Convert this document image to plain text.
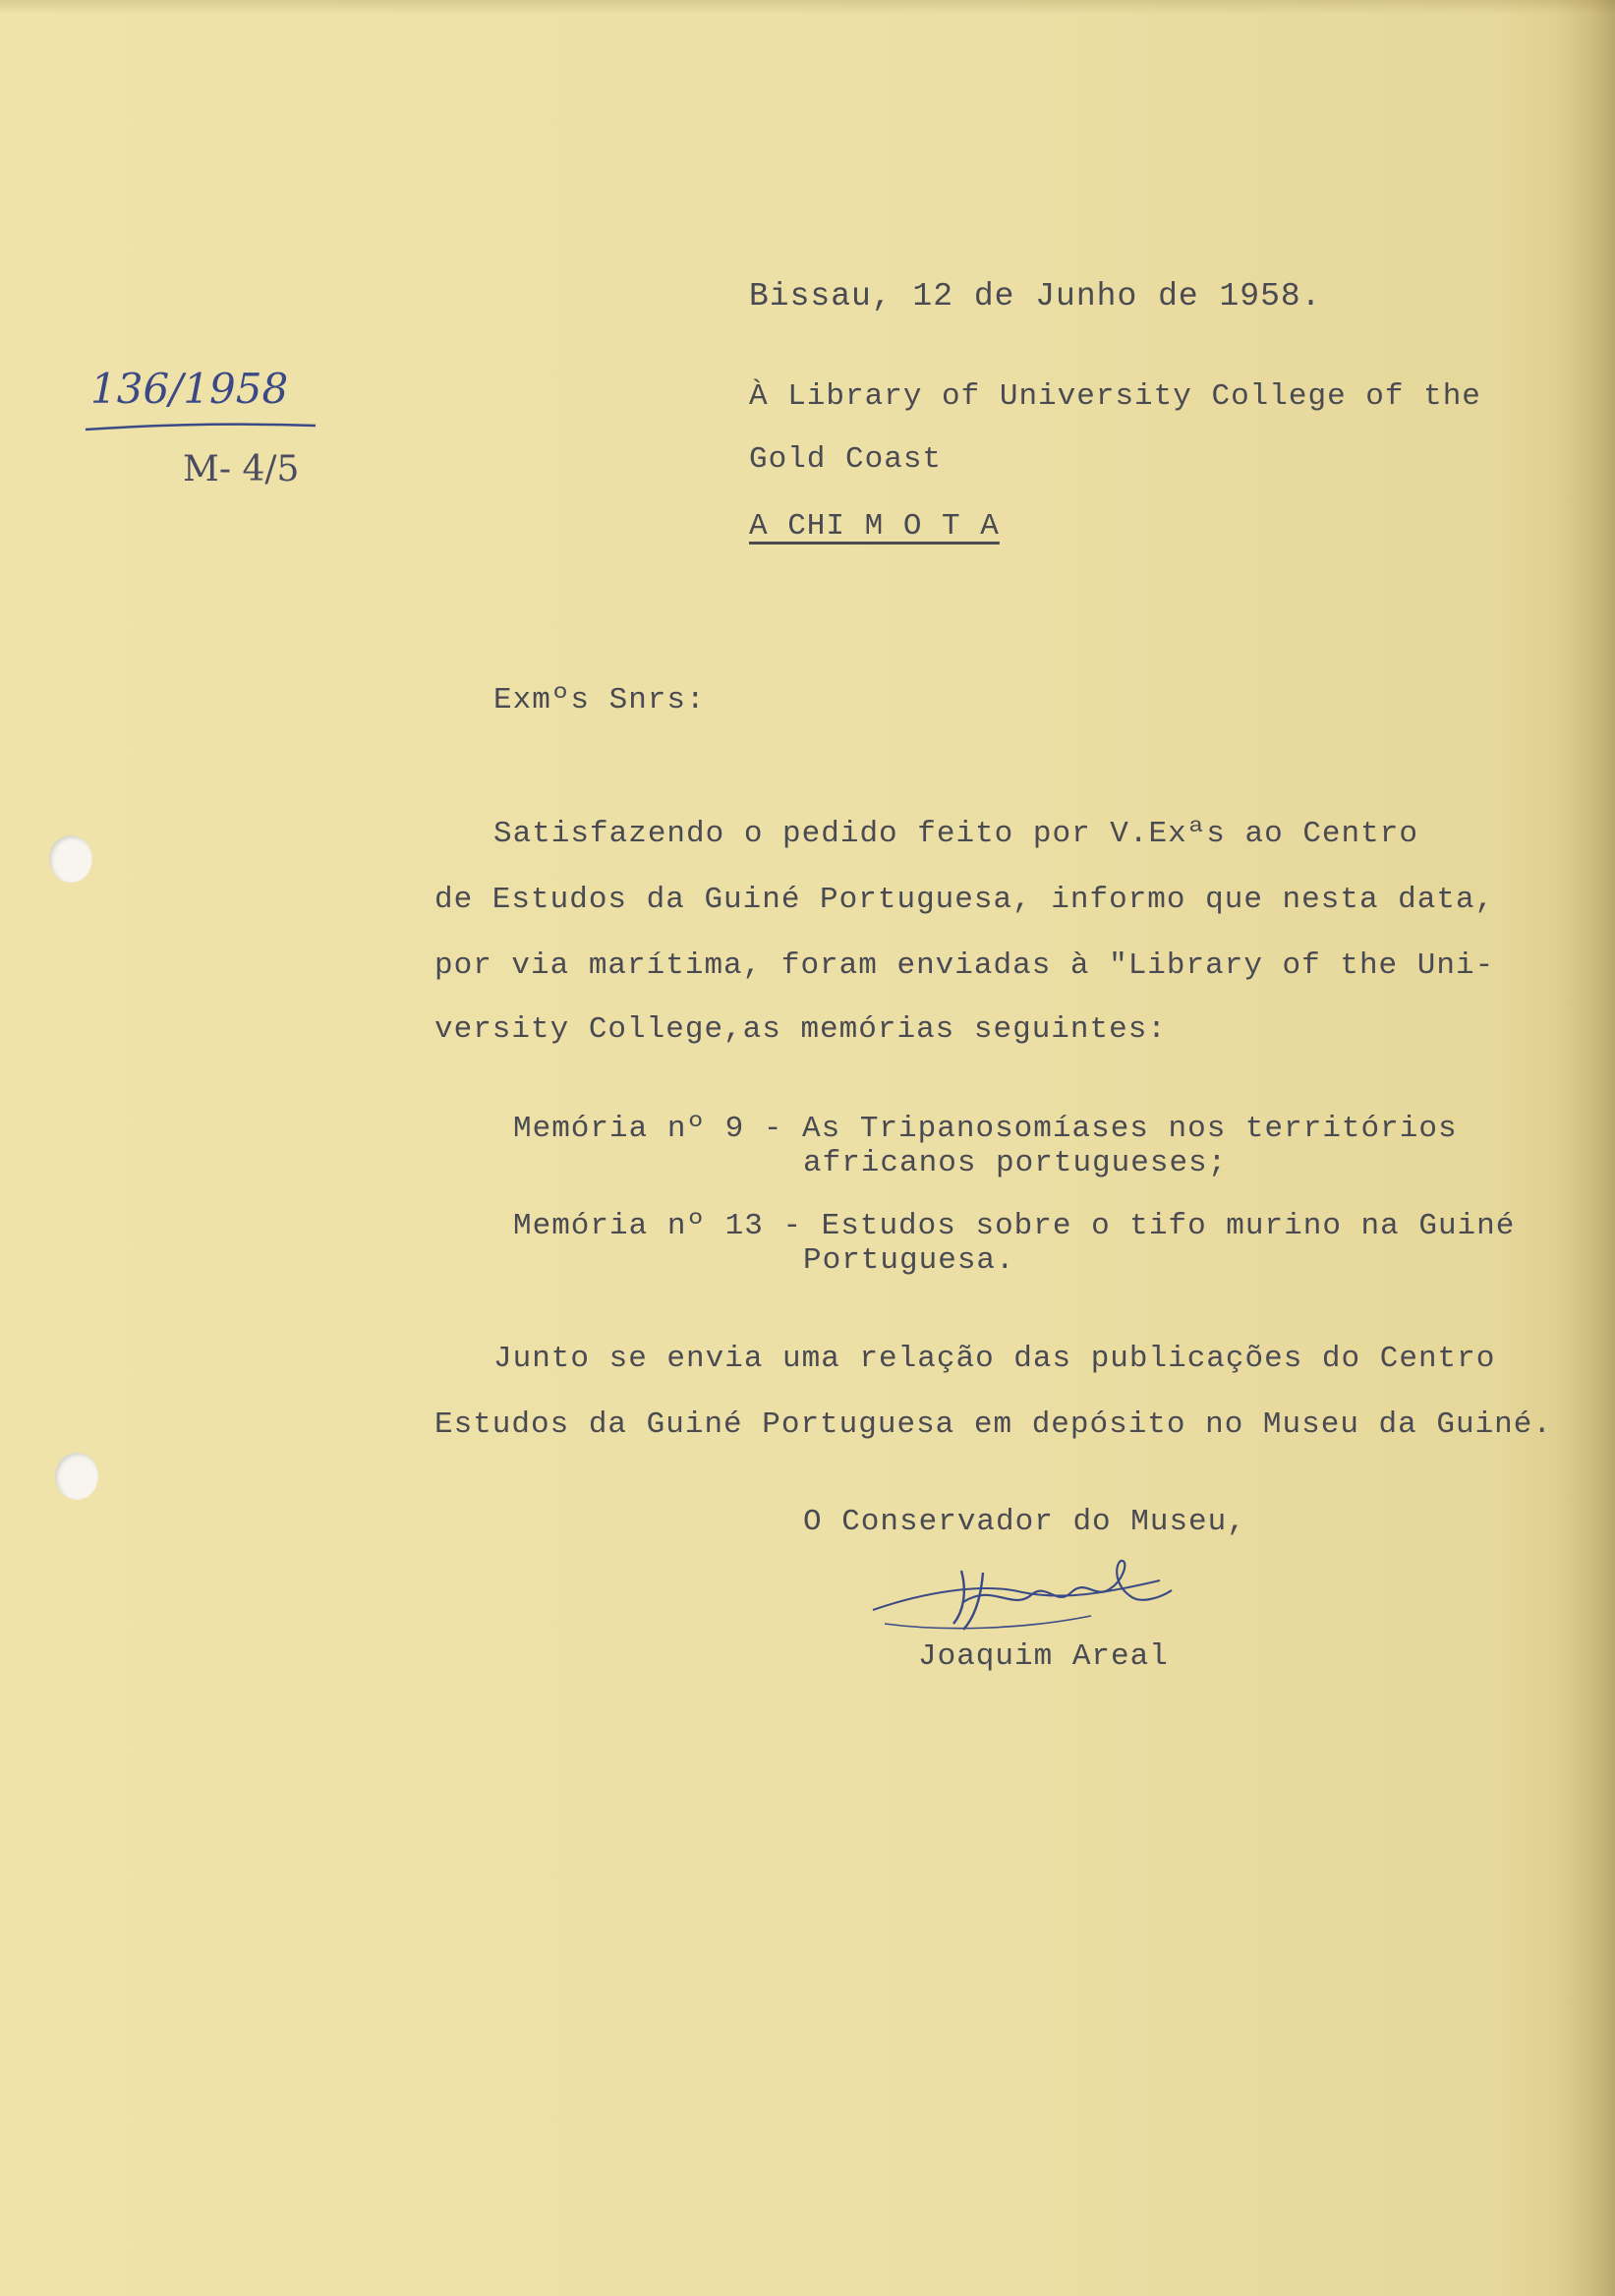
136/1958
M- 4/5
Bissau, 12 de Junho de 1958.
À Library of University College of the
Gold Coast
A CHI M O T A
Exmºs Snrs:
Satisfazendo o pedido feito por V.Exªs ao Centro
de Estudos da Guiné Portuguesa, informo que nesta data,
por via marítima, foram enviadas à "Library of the Uni-
versity College,as memórias seguintes:
Memória nº 9 - As Tripanosomíases nos territórios
africanos portugueses;
Memória nº 13 - Estudos sobre o tifo murino na Guiné
Portuguesa.
Junto se envia uma relação das publicações do Centro
Estudos da Guiné Portuguesa em depósito no Museu da Guiné.
O Conservador do Museu,
Joaquim Areal
